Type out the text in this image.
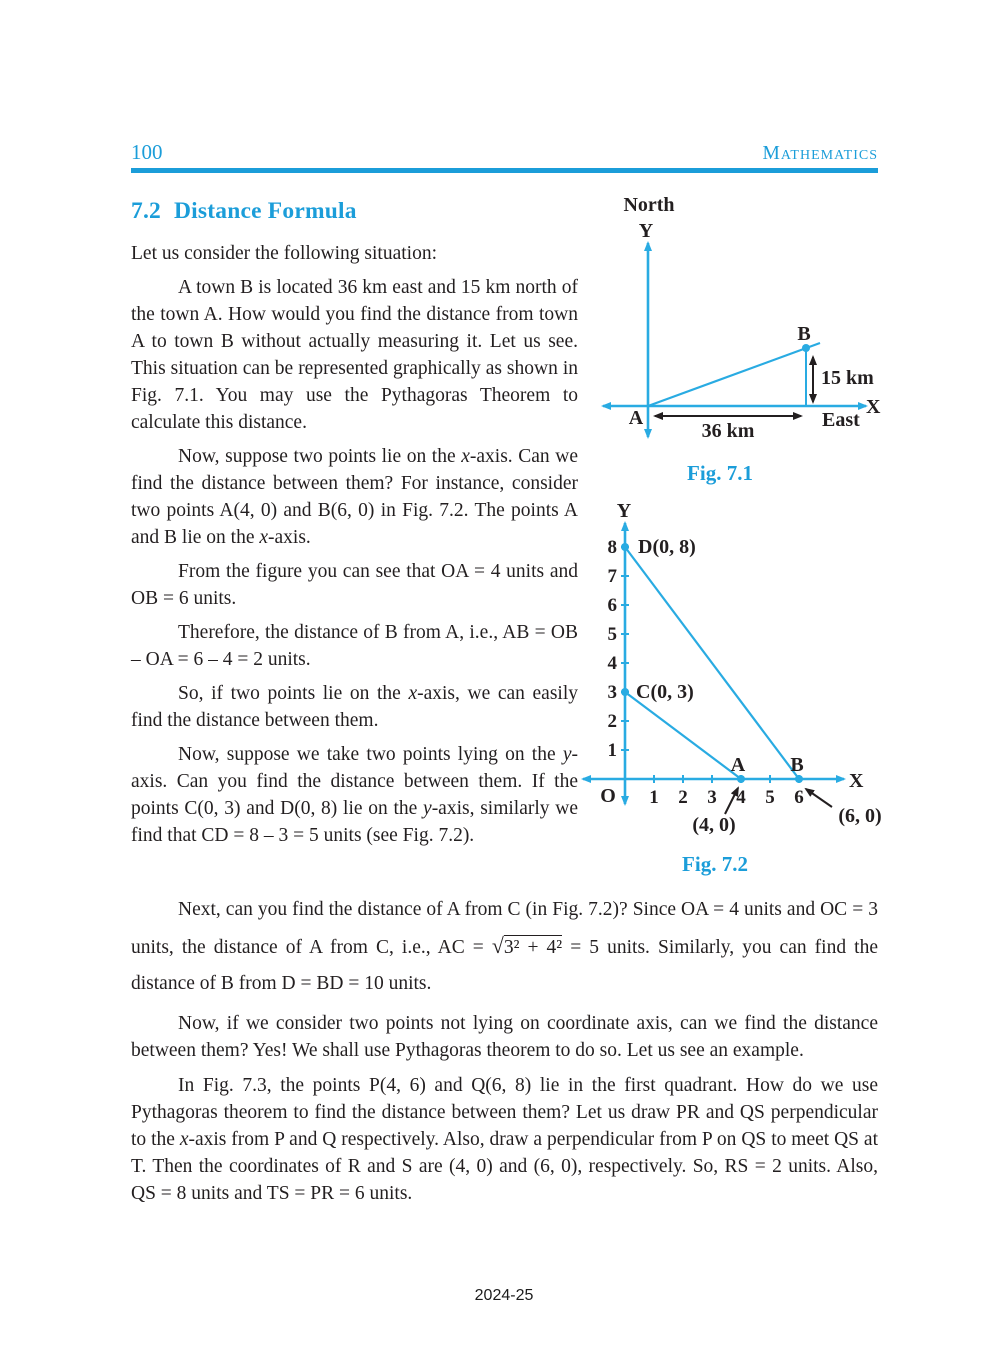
100	Mathematics
7.2 Distance Formula

Let us consider the following situation:

A town B is located 36 km east and 15 km north of the town A. How would you find the distance from town A to town B without actually measuring it. Let us see. This situation can be represented graphically as shown in Fig. 7.1. You may use the Pythagoras Theorem to calculate this distance.

Now, suppose two points lie on the x-axis. Can we find the distance between them? For instance, consider two points A(4, 0) and B(6, 0) in Fig. 7.2. The points A and B lie on the x-axis.

From the figure you can see that OA = 4 units and OB = 6 units.

Therefore, the distance of B from A, i.e., AB = OB – OA = 6 – 4 = 2 units.

So, if two points lie on the x-axis, we can easily find the distance between them.

Now, suppose we take two points lying on the y-axis. Can you find the distance between them. If the points C(0, 3) and D(0, 8) lie on the y-axis, similarly we find that CD = 8 – 3 = 5 units (see Fig. 7.2).

North
Y
A
B
15 km
36 km	East
X
Fig. 7.1
Y
X
O
8
7
6
5
4
3
2
1
1 2 3 4 5 6
D(0, 8)
C(0, 3)
A B
(4, 0)	(6, 0)
Fig. 7.2

Next, can you find the distance of A from C (in Fig. 7.2)? Since OA = 4 units and OC = 3 units, the distance of A from C, i.e., AC = √3² + 4² = 5 units. Similarly, you can find the distance of B from D = BD = 10 units.

Now, if we consider two points not lying on coordinate axis, can we find the distance between them? Yes! We shall use Pythagoras theorem to do so. Let us see an example.

In Fig. 7.3, the points P(4, 6) and Q(6, 8) lie in the first quadrant. How do we use Pythagoras theorem to find the distance between them? Let us draw PR and QS perpendicular to the x-axis from P and Q respectively. Also, draw a perpendicular from P on QS to meet QS at T. Then the coordinates of R and S are (4, 0) and (6, 0), respectively. So, RS = 2 units. Also, QS = 8 units and TS = PR = 6 units.

2024-25
